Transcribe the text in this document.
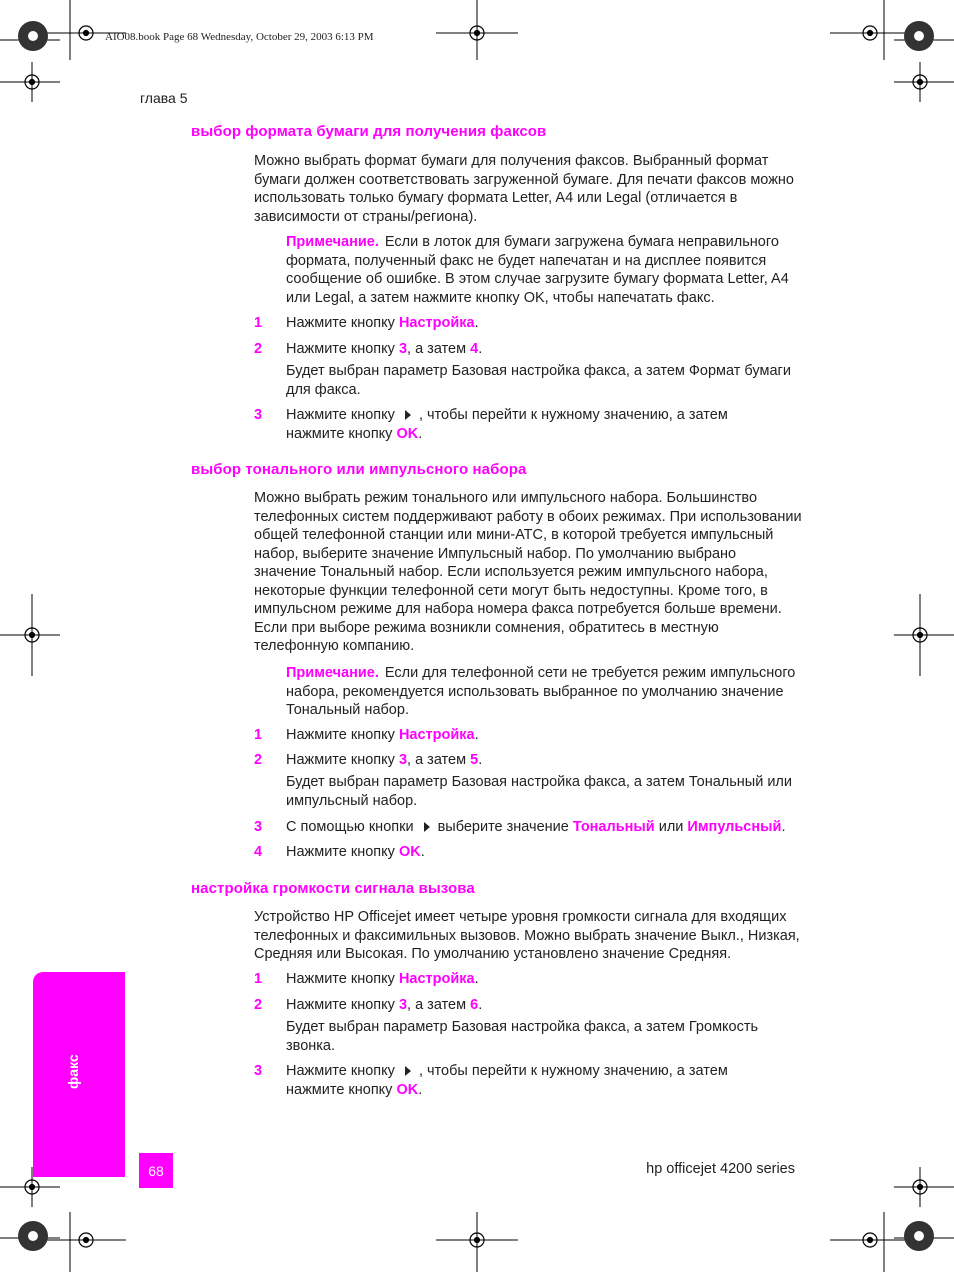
AIO08.book Page 68 Wednesday, October 29, 2003 6:13 PM
глава 5
выбор формата бумаги для получения факсов
Можно выбрать формат бумаги для получения факсов. Выбранный формат бумаги должен соответствовать загруженной бумаге. Для печати факсов можно использовать только бумагу формата Letter, A4 или Legal (отличается в зависимости от страны/региона).
Примечание. Если в лоток для бумаги загружена бумага неправильного формата, полученный факс не будет напечатан и на дисплее появится сообщение об ошибке. В этом случае загрузите бумагу формата Letter, A4 или Legal, а затем нажмите кнопку OK, чтобы напечатать факс.
1 Нажмите кнопку Настройка.
2 Нажмите кнопку 3, а затем 4.
Будет выбран параметр Базовая настройка факса, а затем Формат бумаги для факса.
3 Нажмите кнопку , чтобы перейти к нужному значению, а затем нажмите кнопку OK.
выбор тонального или импульсного набора
Можно выбрать режим тонального или импульсного набора. Большинство телефонных систем поддерживают работу в обоих режимах. При использовании общей телефонной станции или мини-АТС, в которой требуется импульсный набор, выберите значение Импульсный набор. По умолчанию выбрано значение Тональный набор. Если используется режим импульсного набора, некоторые функции телефонной сети могут быть недоступны. Кроме того, в импульсном режиме для набора номера факса потребуется больше времени. Если при выборе режима возникли сомнения, обратитесь в местную телефонную компанию.
Примечание. Если для телефонной сети не требуется режим импульсного набора, рекомендуется использовать выбранное по умолчанию значение Тональный набор.
1 Нажмите кнопку Настройка.
2 Нажмите кнопку 3, а затем 5.
Будет выбран параметр Базовая настройка факса, а затем Тональный или импульсный набор.
3 С помощью кнопки выберите значение Тональный или Импульсный.
4 Нажмите кнопку OK.
настройка громкости сигнала вызова
Устройство HP Officejet имеет четыре уровня громкости сигнала для входящих телефонных и факсимильных вызовов. Можно выбрать значение Выкл., Низкая, Средняя или Высокая. По умолчанию установлено значение Средняя.
1 Нажмите кнопку Настройка.
2 Нажмите кнопку 3, а затем 6.
Будет выбран параметр Базовая настройка факса, а затем Громкость звонка.
3 Нажмите кнопку , чтобы перейти к нужному значению, а затем нажмите кнопку OK.
факс
68	hp officejet 4200 series
